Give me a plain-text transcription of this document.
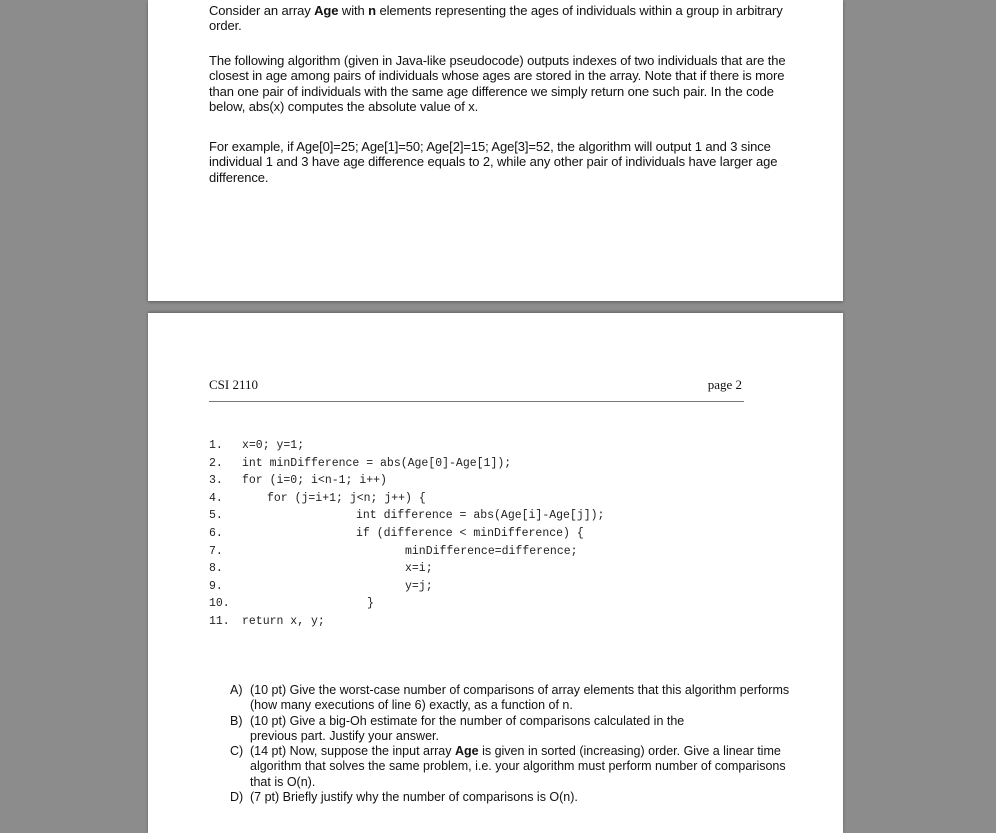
Consider an array Age with n elements representing the ages of individuals within a group in arbitrary order.

The following algorithm (given in Java-like pseudocode) outputs indexes of two individuals that are the closest in age among pairs of individuals whose ages are stored in the array. Note that if there is more than one pair of individuals with the same age difference we simply return one such pair. In the code below, abs(x) computes the absolute value of x.

For example, if Age[0]=25; Age[1]=50; Age[2]=15; Age[3]=52, the algorithm will output 1 and 3 since individual 1 and 3 have age difference equals to 2, while any other pair of individuals have larger age difference.

CSI 2110	page 2
1. x=0; y=1;
2. int minDifference = abs(Age[0]-Age[1]);
3. for (i=0; i<n-1; i++)
4.	for (j=i+1; j<n; j++) {
5.	int difference = abs(Age[i]-Age[j]);
6.	if (difference < minDifference) {
7.	minDifference=difference;
8.	x=i;
9.	y=j;
10.	}
11. return x, y;
A) (10 pt) Give the worst-case number of comparisons of array elements that this algorithm performs (how many executions of line 6) exactly, as a function of n.
B) (10 pt) Give a big-Oh estimate for the number of comparisons calculated in the previous part. Justify your answer.
C) (14 pt) Now, suppose the input array Age is given in sorted (increasing) order. Give a linear time algorithm that solves the same problem, i.e. your algorithm must perform number of comparisons that is O(n).
D) (7 pt) Briefly justify why the number of comparisons is O(n).
